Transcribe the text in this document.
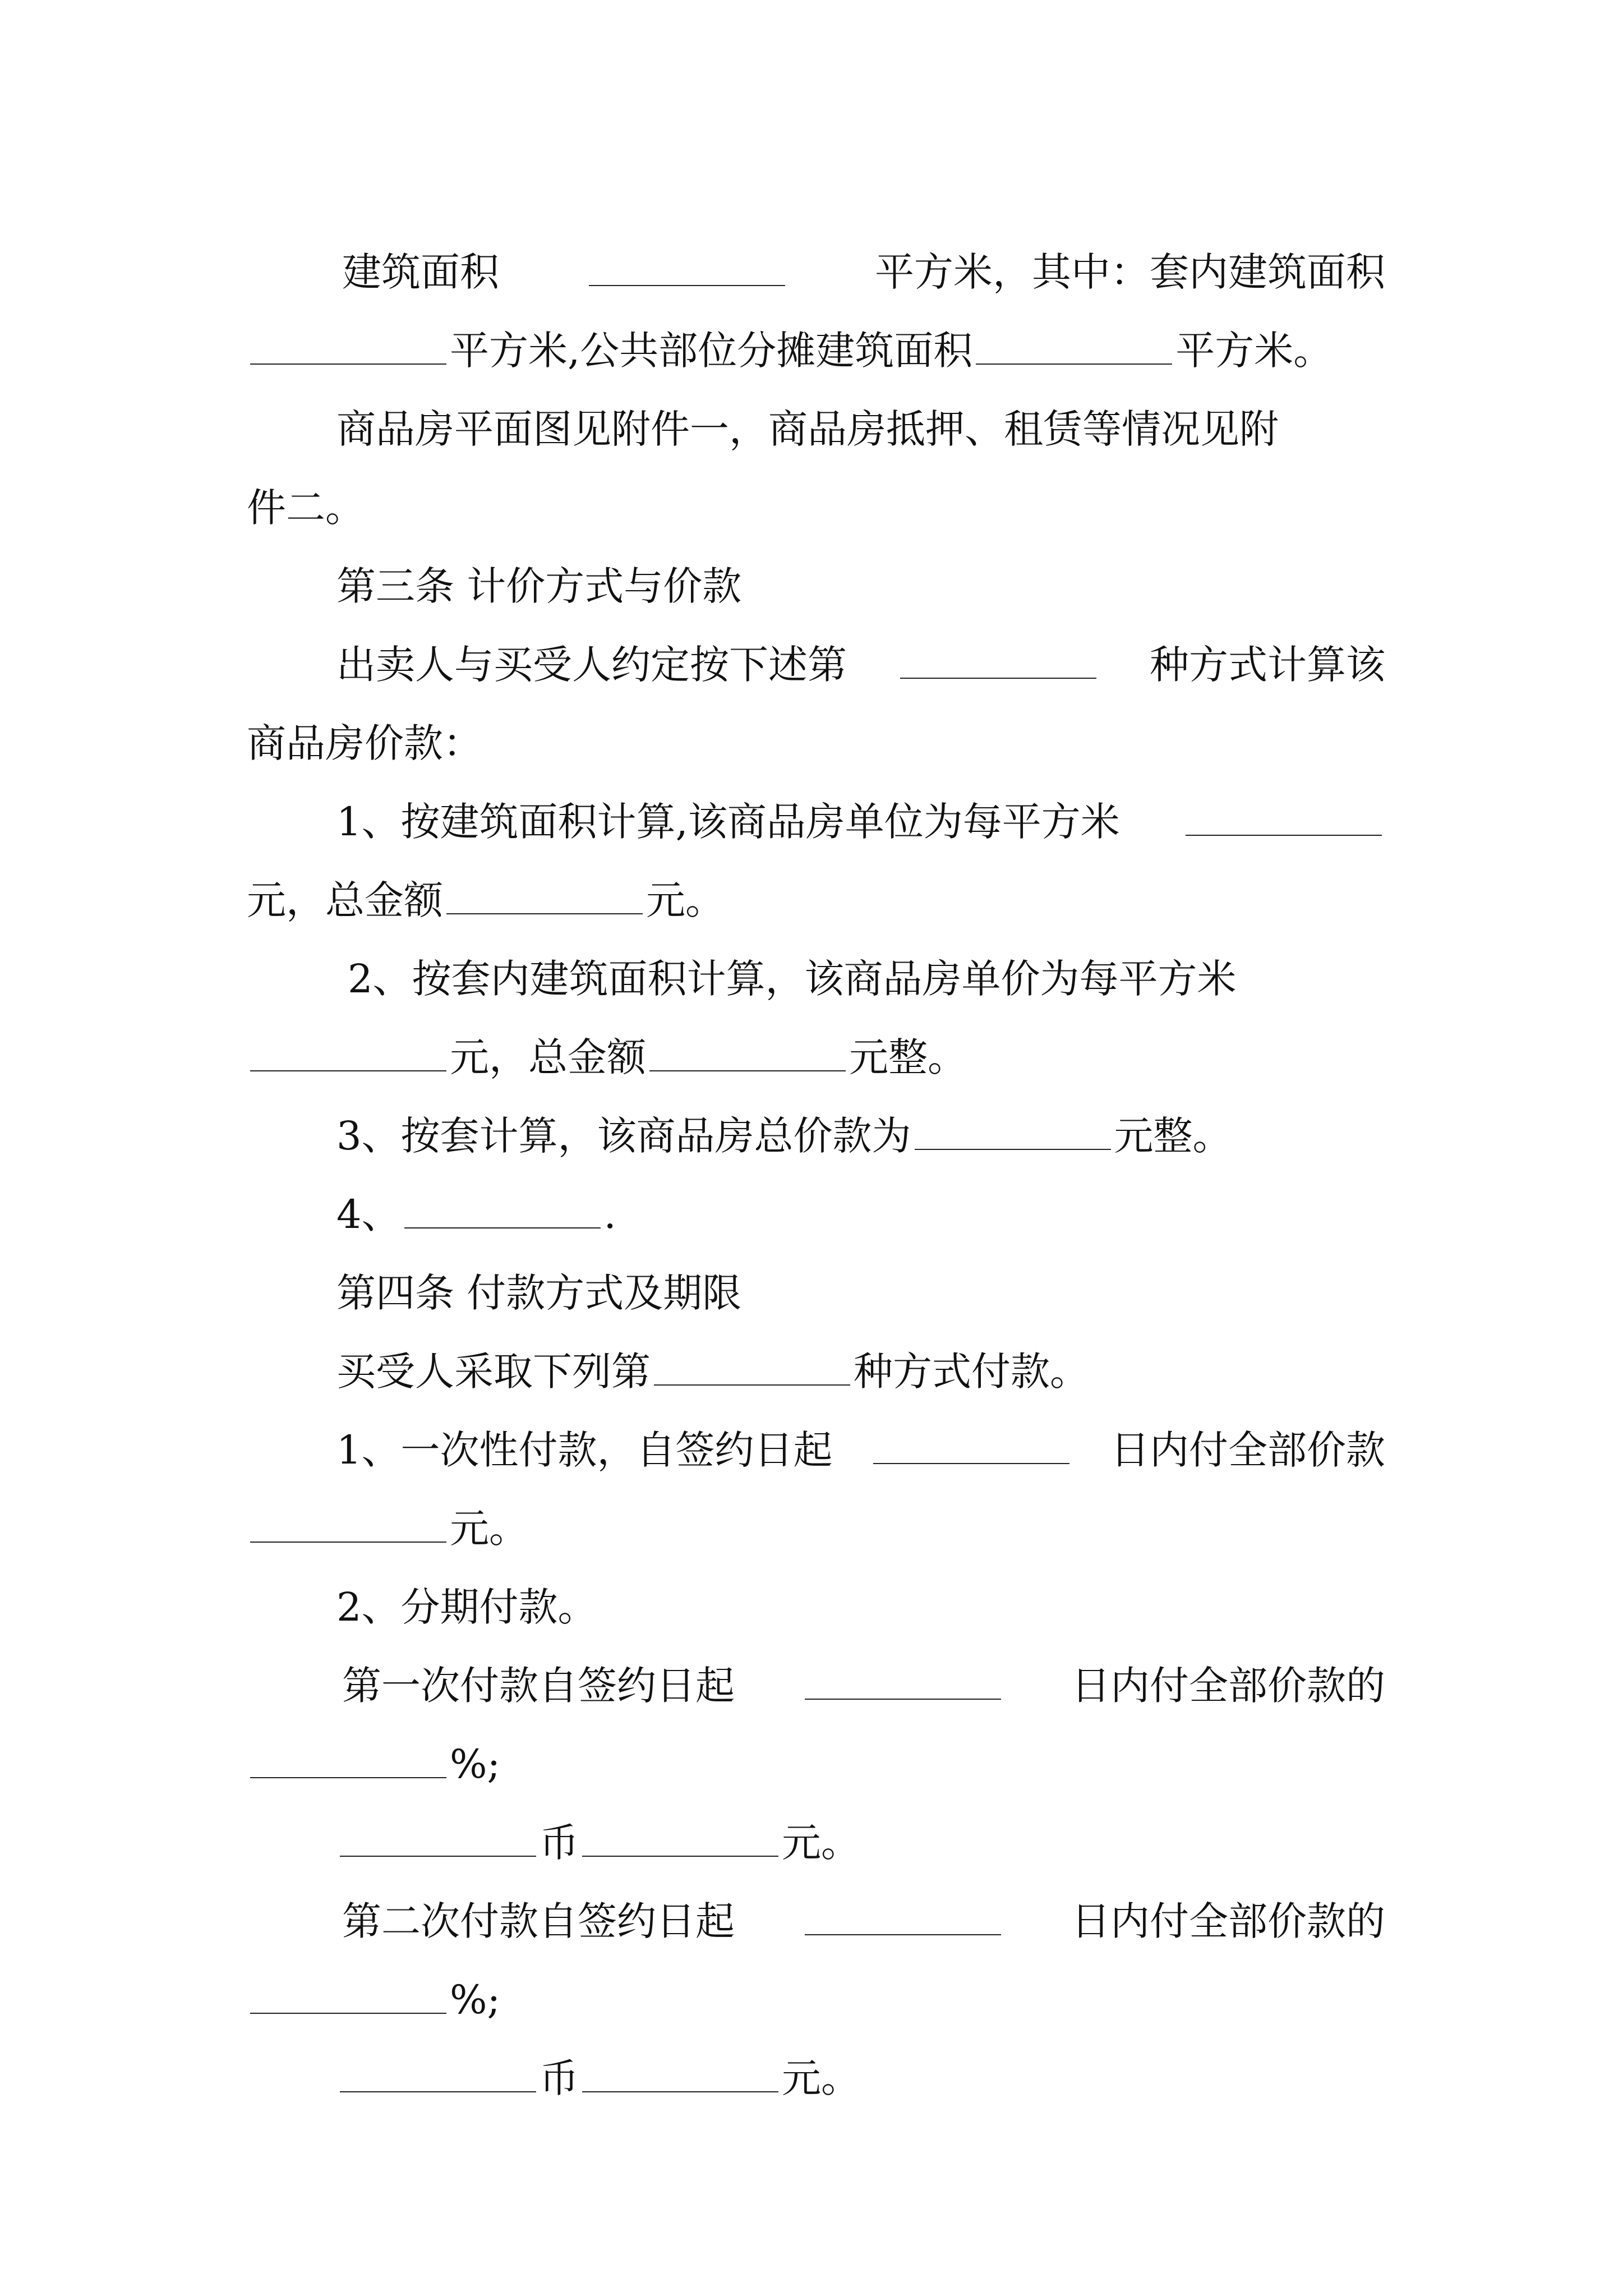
建筑面积	平方米，其中：套内建筑面积
平方米,公共部位分摊建筑面积	平方米。
商品房平面图见附件一，商品房抵押、租赁等情况见附
件二。
第三条 计价方式与价款
出卖人与买受人约定按下述第	种方式计算该
商品房价款：
1、按建筑面积计算,该商品房单位为每平方米
元，总金额	元。
2、按套内建筑面积计算，该商品房单价为每平方米
元，总金额	元整。
3、按套计算，该商品房总价款为	元整。
4、	.
第四条 付款方式及期限
买受人采取下列第	种方式付款。
1、一次性付款，自签约日起	日内付全部价款
元。
2、分期付款。
第一次付款自签约日起	日内付全部价款的
%;
币	元。
第二次付款自签约日起	日内付全部价款的
%;
币	元。
